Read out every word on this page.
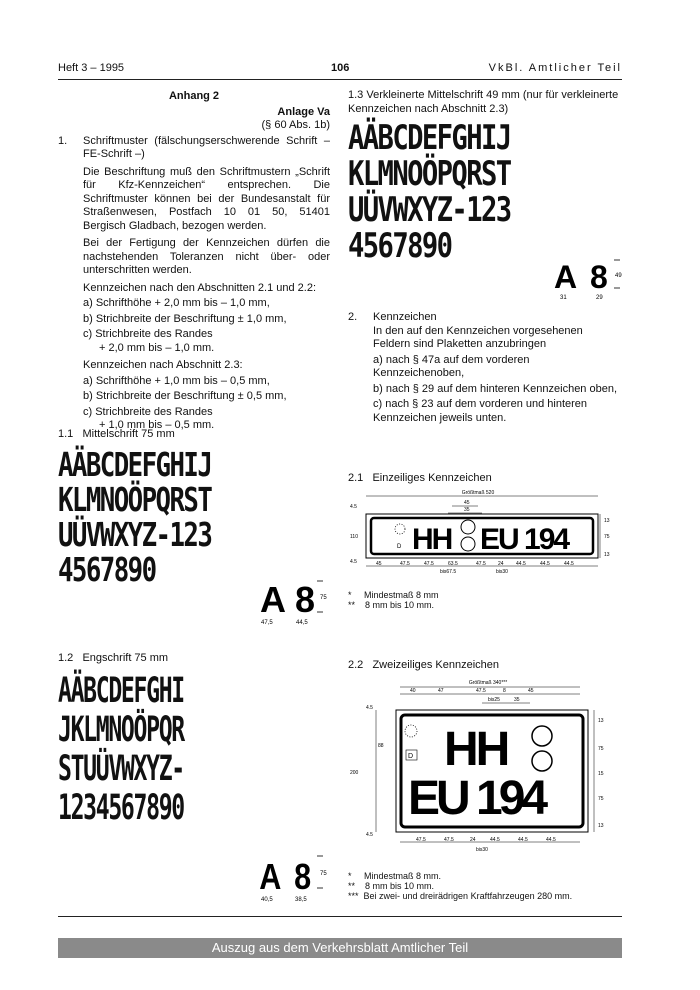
Heft 3 – 1995	106	VkBl. Amtlicher Teil
Anhang 2
Anlage Va
(§ 60 Abs. 1b)
1.	Schriftmuster (fälschungserschwerende Schrift – FE-Schrift –)

Die Beschriftung muß den Schriftmustern „Schrift für Kfz-Kennzeichen“ entsprechen. Die Schriftmuster können bei der Bundesanstalt für Straßenwesen, Postfach 10 01 50, 51401 Bergisch Gladbach, bezogen werden.

Bei der Fertigung der Kennzeichen dürfen die nachstehenden Toleranzen nicht über- oder unterschritten werden.

Kennzeichen nach den Abschnitten 2.1 und 2.2:

a) Schrifthöhe + 2,0 mm bis – 1,0 mm,

b) Strichbreite der Beschriftung ± 1,0 mm,

c) Strichbreite des Randes

+ 2,0 mm bis – 1,0 mm.

Kennzeichen nach Abschnitt 2.3:

a) Schrifthöhe + 1,0 mm bis – 0,5 mm,

b) Strichbreite der Beschriftung ± 0,5 mm,

c) Strichbreite des Randes

+ 1,0 mm bis – 0,5 mm.

1.1   Mittelschrift 75 mm
AÄBCDEFGHIJ
KLMNOÖPQRST
UÜVWXYZ-123
4567890
A 8 75
47,5	44,5
1.2   Engschrift 75 mm
AÄBCDEFGHI
JKLMNOÖPQR
STUÜVWXYZ-
1234567890
A 8 75
40,5	38,5
1.3 Verkleinerte Mittelschrift 49 mm (nur für verkleinerte Kennzeichen nach Abschnitt 2.3)
AÄBCDEFGHIJ
KLMNOÖPQRST
UÜVWXYZ-123
4567890
A 8 49
31	29
2.	Kennzeichen

In den auf den Kennzeichen vorgesehenen Feldern sind Plaketten anzubringen

a) nach § 47a auf dem vorderen Kennzeichenoben,

b) nach § 29 auf dem hinteren Kennzeichen oben,

c) nach § 23 auf dem vorderen und hinteren Kennzeichen jeweils unten.

2.1   Einzeiliges Kennzeichen
Größtmaß 520
45
35
D HH EU 194
110
4.5
4.5
13
75
13
45	47.5	47.5	63.5	47.5 24 44.5	44.5	44.5
bis67.5	bis30
*     Mindestmaß 8 mm
**    8 mm bis 10 mm.
2.2   Zweizeiliges Kennzeichen
Größtmaß 340***
40	47	47.5	8	45
bis25	35
D HH
EU 194
4.5
4.5
88
200
13
75
15
75
13
47.5	47.5	24	44.5	44.5	44.5
bis30
*     Mindestmaß 8 mm.
**    8 mm bis 10 mm.
***  Bei zwei- und dreirädrigen Kraftfahrzeugen 280 mm.
Auszug aus dem Verkehrsblatt Amtlicher Teil
